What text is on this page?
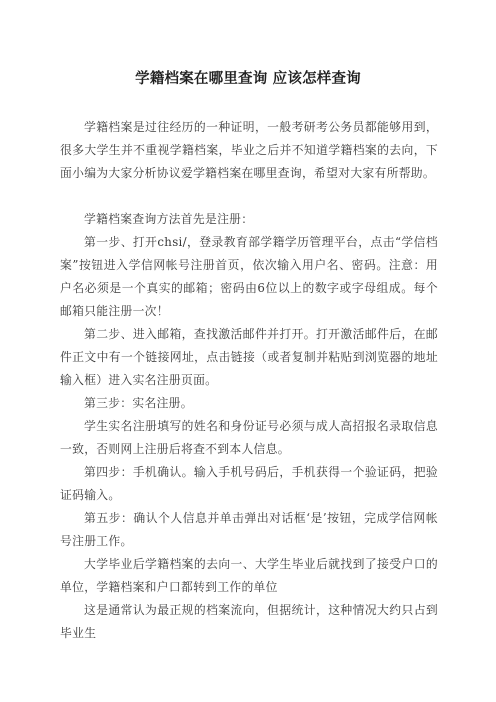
学籍档案在哪里查询 应该怎样查询

学籍档案是过往经历的一种证明，一般考研考公务员都能够用到，很多大学生并不重视学籍档案，毕业之后并不知道学籍档案的去向，下面小编为大家分析协议爱学籍档案在哪里查询，希望对大家有所帮助。

学籍档案查询方法首先是注册：

第一步、打开chsi/，登录教育部学籍学历管理平台，点击“学信档案”按钮进入学信网帐号注册首页，依次输入用户名、密码。注意：用户名必须是一个真实的邮箱；密码由6位以上的数字或字母组成。每个邮箱只能注册一次！

第二步、进入邮箱，查找激活邮件并打开。打开激活邮件后，在邮件正文中有一个链接网址，点击链接（或者复制并粘贴到浏览器的地址输入框）进入实名注册页面。

第三步：实名注册。

学生实名注册填写的姓名和身份证号必须与成人高招报名录取信息一致，否则网上注册后将查不到本人信息。

第四步：手机确认。输入手机号码后，手机获得一个验证码，把验证码输入。

第五步：确认个人信息并单击弹出对话框‘是’按钮，完成学信网帐号注册工作。

大学毕业后学籍档案的去向一、大学生毕业后就找到了接受户口的单位，学籍档案和户口都转到工作的单位

这是通常认为最正规的档案流向，但据统计，这种情况大约只占到毕业生
